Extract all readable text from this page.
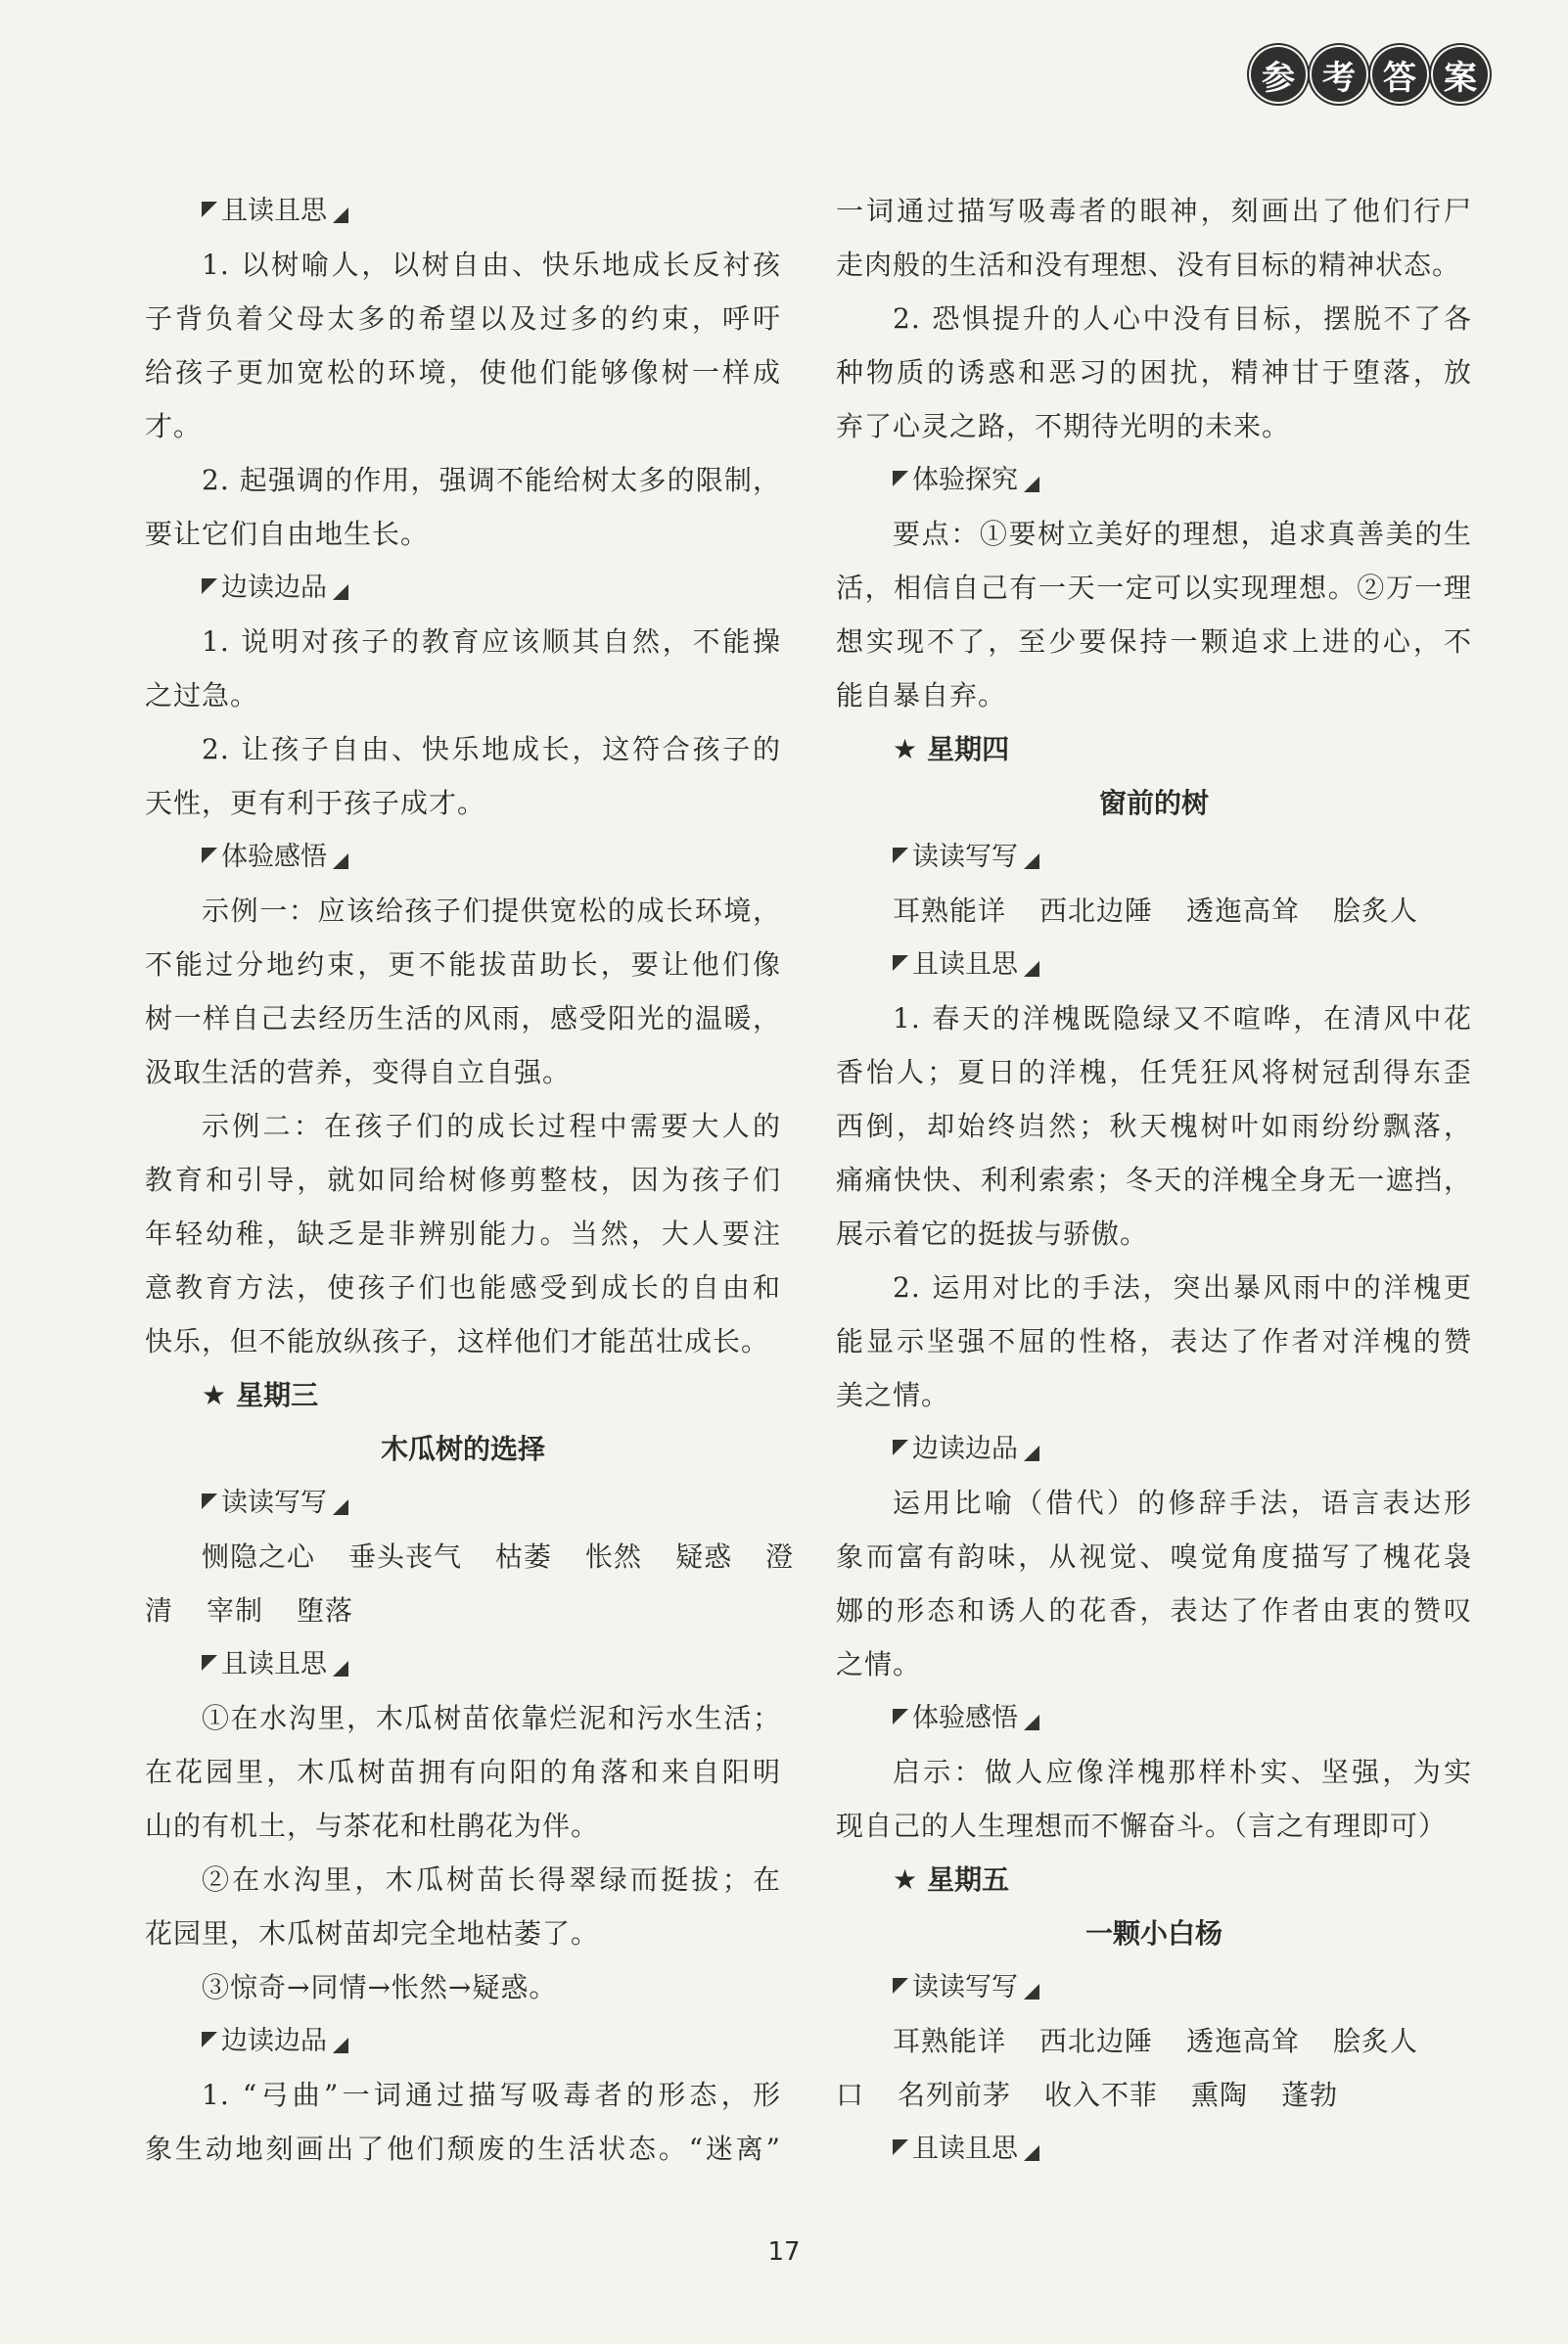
参 考 答 案
且读且思
1. 以树喻人，以树自由、快乐地成长反衬孩
子背负着父母太多的希望以及过多的约束，呼吁
给孩子更加宽松的环境，使他们能够像树一样成
才。
2. 起强调的作用，强调不能给树太多的限制，
要让它们自由地生长。
边读边品
1. 说明对孩子的教育应该顺其自然，不能操
之过急。
2. 让孩子自由、快乐地成长，这符合孩子的
天性，更有利于孩子成才。
体验感悟
示例一：应该给孩子们提供宽松的成长环境，
不能过分地约束，更不能拔苗助长，要让他们像
树一样自己去经历生活的风雨，感受阳光的温暖，
汲取生活的营养，变得自立自强。
示例二：在孩子们的成长过程中需要大人的
教育和引导，就如同给树修剪整枝，因为孩子们
年轻幼稚，缺乏是非辨别能力。当然，大人要注
意教育方法，使孩子们也能感受到成长的自由和
快乐，但不能放纵孩子，这样他们才能茁壮成长。
★ 星期三
木瓜树的选择
读读写写
恻隐之心 垂头丧气 枯萎 怅然 疑惑 澄
清 宰制 堕落
且读且思
①在水沟里，木瓜树苗依靠烂泥和污水生活；
在花园里，木瓜树苗拥有向阳的角落和来自阳明
山的有机土，与茶花和杜鹃花为伴。
②在水沟里，木瓜树苗长得翠绿而挺拔；在
花园里，木瓜树苗却完全地枯萎了。
③惊奇→同情→怅然→疑惑。
边读边品
1. “弓曲”一词通过描写吸毒者的形态，形
象生动地刻画出了他们颓废的生活状态。“迷离”
一词通过描写吸毒者的眼神，刻画出了他们行尸
走肉般的生活和没有理想、没有目标的精神状态。
2. 恐惧提升的人心中没有目标，摆脱不了各
种物质的诱惑和恶习的困扰，精神甘于堕落，放
弃了心灵之路，不期待光明的未来。
体验探究
要点：①要树立美好的理想，追求真善美的生
活，相信自己有一天一定可以实现理想。②万一理
想实现不了，至少要保持一颗追求上进的心，不
能自暴自弃。
★ 星期四
窗前的树
读读写写
耳熟能详 西北边陲 透迤高耸 脍炙人
且读且思
1. 春天的洋槐既隐绿又不喧哗，在清风中花
香怡人；夏日的洋槐，任凭狂风将树冠刮得东歪
西倒，却始终岿然；秋天槐树叶如雨纷纷飘落，
痛痛快快、利利索索；冬天的洋槐全身无一遮挡，
展示着它的挺拔与骄傲。
2. 运用对比的手法，突出暴风雨中的洋槐更
能显示坚强不屈的性格，表达了作者对洋槐的赞
美之情。
边读边品
运用比喻（借代）的修辞手法，语言表达形
象而富有韵味，从视觉、嗅觉角度描写了槐花袅
娜的形态和诱人的花香，表达了作者由衷的赞叹
之情。
体验感悟
启示：做人应像洋槐那样朴实、坚强，为实
现自己的人生理想而不懈奋斗。（言之有理即可）
★ 星期五
一颗小白杨
读读写写
耳熟能详 西北边陲 透迤高耸 脍炙人
口 名列前茅 收入不菲 熏陶 蓬勃
且读且思
17
